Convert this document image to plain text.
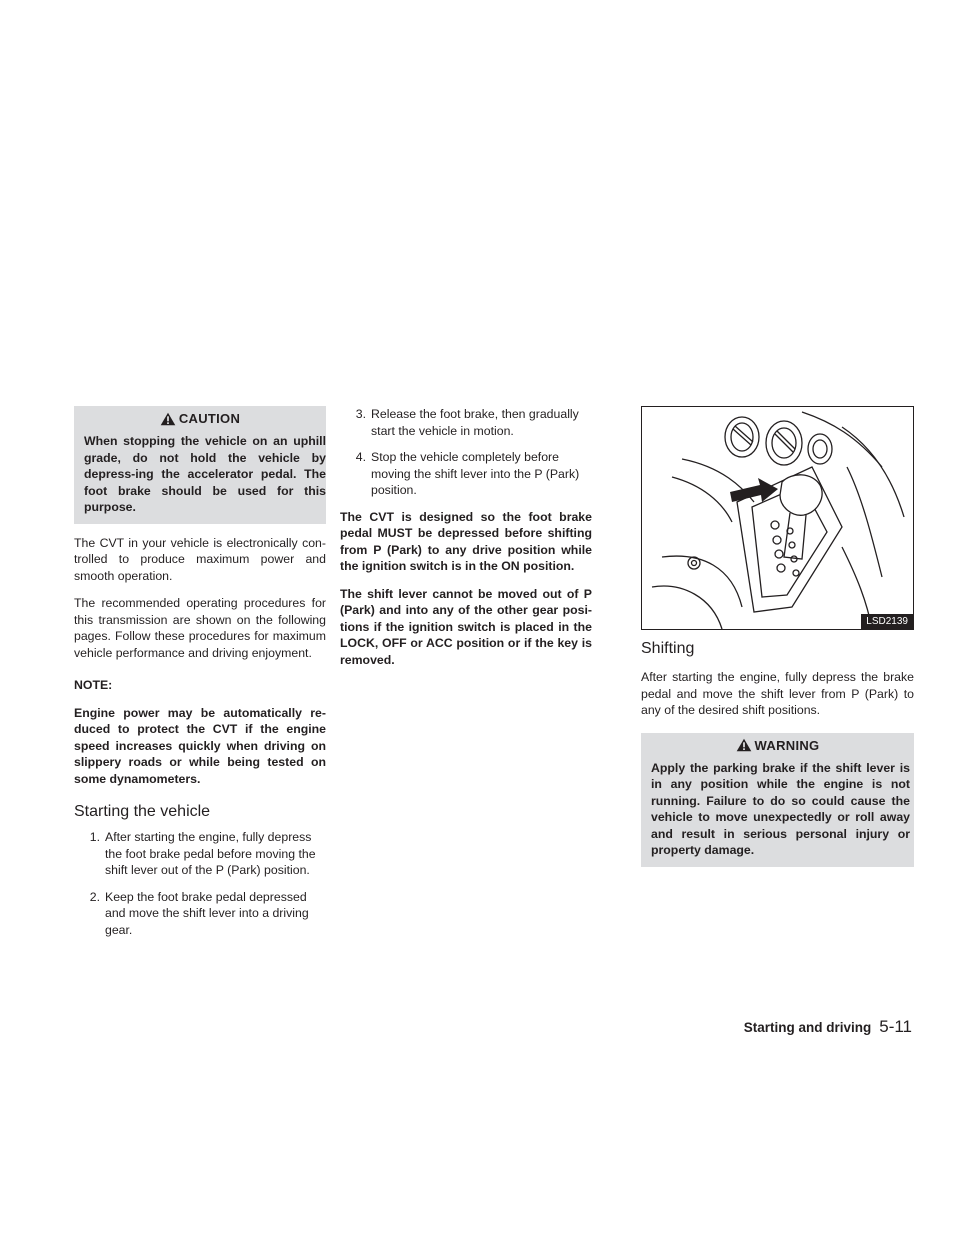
CAUTION
When stopping the vehicle on an uphill grade, do not hold the vehicle by depress-ing the accelerator pedal. The foot brake should be used for this purpose.

The CVT in your vehicle is electronically con-trolled to produce maximum power and smooth operation.

The recommended operating procedures for this transmission are shown on the following pages. Follow these procedures for maximum vehicle performance and driving enjoyment.

NOTE:

Engine power may be automatically re-duced to protect the CVT if the engine speed increases quickly when driving on slippery roads or while being tested on some dynamometers.

Starting the vehicle
1. After starting the engine, fully depress the foot brake pedal before moving the shift lever out of the P (Park) position.
2. Keep the foot brake pedal depressed and move the shift lever into a driving gear.
3. Release the foot brake, then gradually start the vehicle in motion.
4. Stop the vehicle completely before moving the shift lever into the P (Park) position.

The CVT is designed so the foot brake pedal MUST be depressed before shifting from P (Park) to any drive position while the ignition switch is in the ON position.

The shift lever cannot be moved out of P (Park) and into any of the other gear posi-tions if the ignition switch is placed in the LOCK, OFF or ACC position or if the key is removed.

LSD2139
Shifting

After starting the engine, fully depress the brake pedal and move the shift lever from P (Park) to any of the desired shift positions.

WARNING
Apply the parking brake if the shift lever is in any position while the engine is not running. Failure to do so could cause the vehicle to move unexpectedly or roll away and result in serious personal injury or property damage.
Starting and driving 5-11
